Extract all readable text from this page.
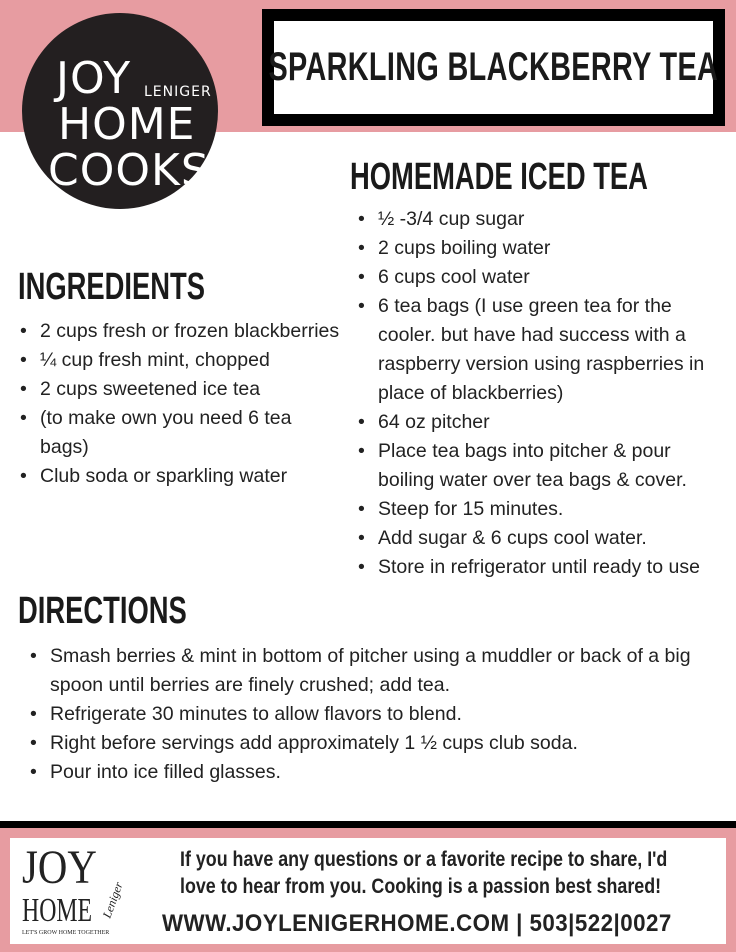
SPARKLING BLACKBERRY TEA
JOY LENIGER
HOME
COOKS	HOMEMADE ICED TEA
• ½ -3/4 cup sugar
• 2 cups boiling water
• 6 cups cool water
• 6 tea bags (I use green tea for the cooler. but have had success with a raspberry version using raspberries in place of blackberries)
• 64 oz pitcher
• Place tea bags into pitcher & pour boiling water over tea bags & cover.
• Steep for 15 minutes.
• Add sugar & 6 cups cool water.
• Store in refrigerator until ready to use
INGREDIENTS
• 2 cups fresh or frozen blackberries
• ¼ cup fresh mint, chopped
• 2 cups sweetened ice tea
• (to make own you need 6 tea bags)
• Club soda or sparkling water
DIRECTIONS
• Smash berries & mint in bottom of pitcher using a muddler or back of a big spoon until berries are finely crushed; add tea.
• Refrigerate 30 minutes to allow flavors to blend.
• Right before servings add approximately 1 ½ cups club soda.
• Pour into ice filled glasses.
JOY
Leniger
HOME
LET'S GROW HOME TOGETHER
If you have any questions or a favorite recipe to share, I'd
love to hear from you. Cooking is a passion best shared!
WWW.JOYLENIGERHOME.COM | 503|522|0027
